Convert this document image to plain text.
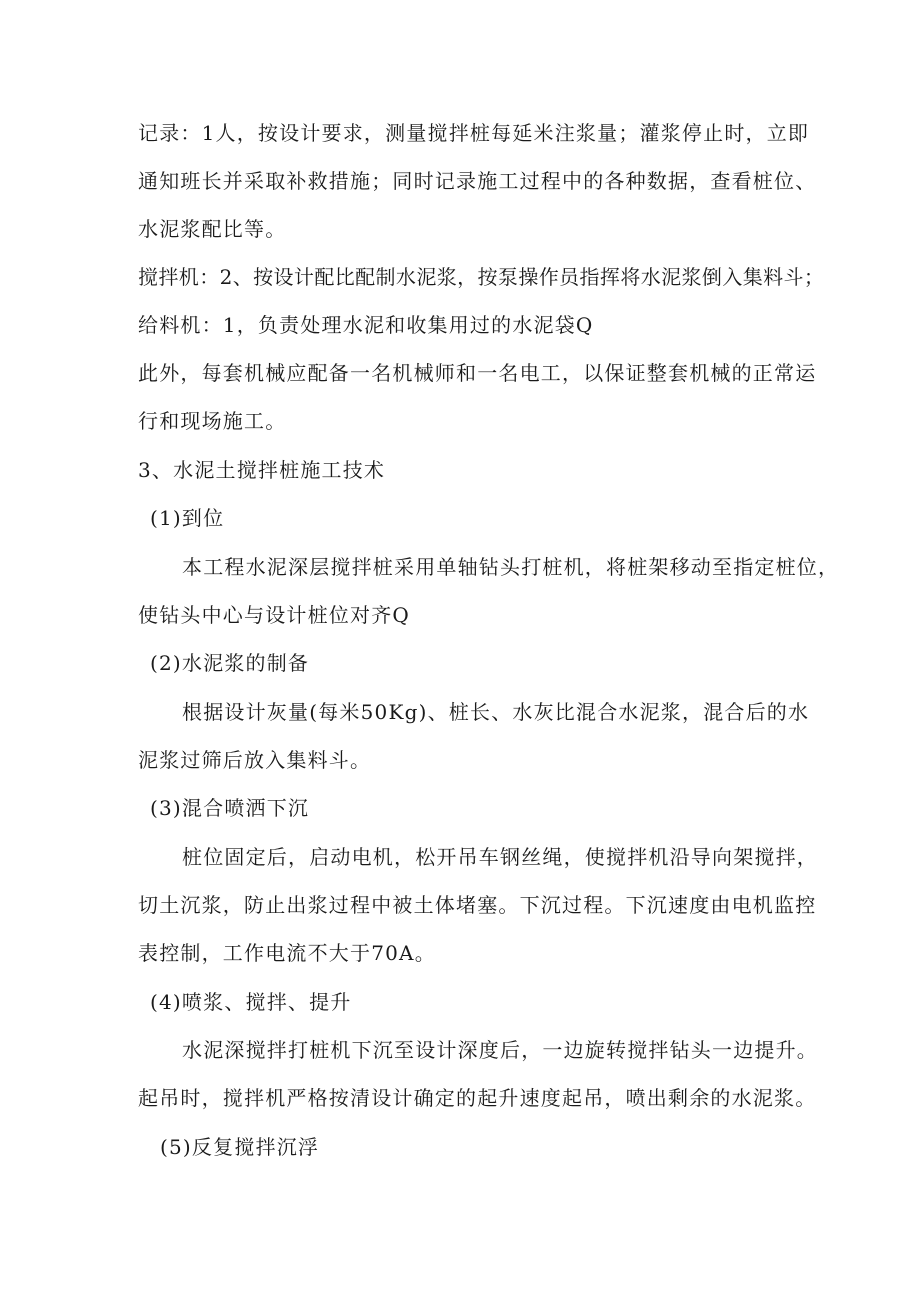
记录：1人，按设计要求，测量搅拌桩每延米注浆量；灌浆停止时，立即
通知班长并采取补救措施；同时记录施工过程中的各种数据，查看桩位、
水泥浆配比等。
搅拌机：2、按设计配比配制水泥浆，按泵操作员指挥将水泥浆倒入集料斗；
给料机：1，负责处理水泥和收集用过的水泥袋Q
此外，每套机械应配备一名机械师和一名电工，以保证整套机械的正常运
行和现场施工。
3、水泥土搅拌桩施工技术
(1)到位
本工程水泥深层搅拌桩采用单轴钻头打桩机，将桩架移动至指定桩位，
使钻头中心与设计桩位对齐Q
(2)水泥浆的制备
根据设计灰量(每米50Kg)、桩长、水灰比混合水泥浆，混合后的水
泥浆过筛后放入集料斗。
(3)混合喷洒下沉
桩位固定后，启动电机，松开吊车钢丝绳，使搅拌机沿导向架搅拌，
切土沉浆，防止出浆过程中被土体堵塞。下沉过程。下沉速度由电机监控
表控制，工作电流不大于70A。
(4)喷浆、搅拌、提升
水泥深搅拌打桩机下沉至设计深度后，一边旋转搅拌钻头一边提升。
起吊时，搅拌机严格按清设计确定的起升速度起吊，喷出剩余的水泥浆。
(5)反复搅拌沉浮
